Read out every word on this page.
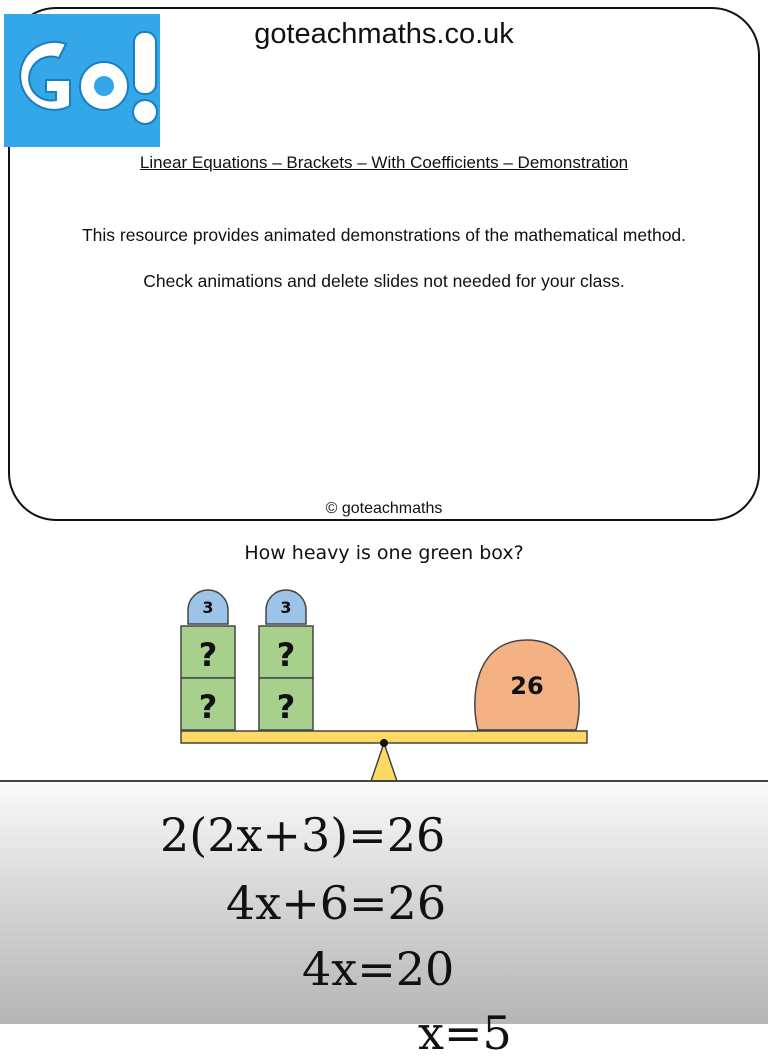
goteachmaths.co.uk
Linear Equations – Brackets – With Coefficients – Demonstration
This resource provides animated demonstrations of the mathematical method.
Check animations and delete slides not needed for your class.
© goteachmaths
How heavy is one green box?
3
?
?
3
?
?
26
2(2x+3)=26
4x+6=26
4x=20
x=5
